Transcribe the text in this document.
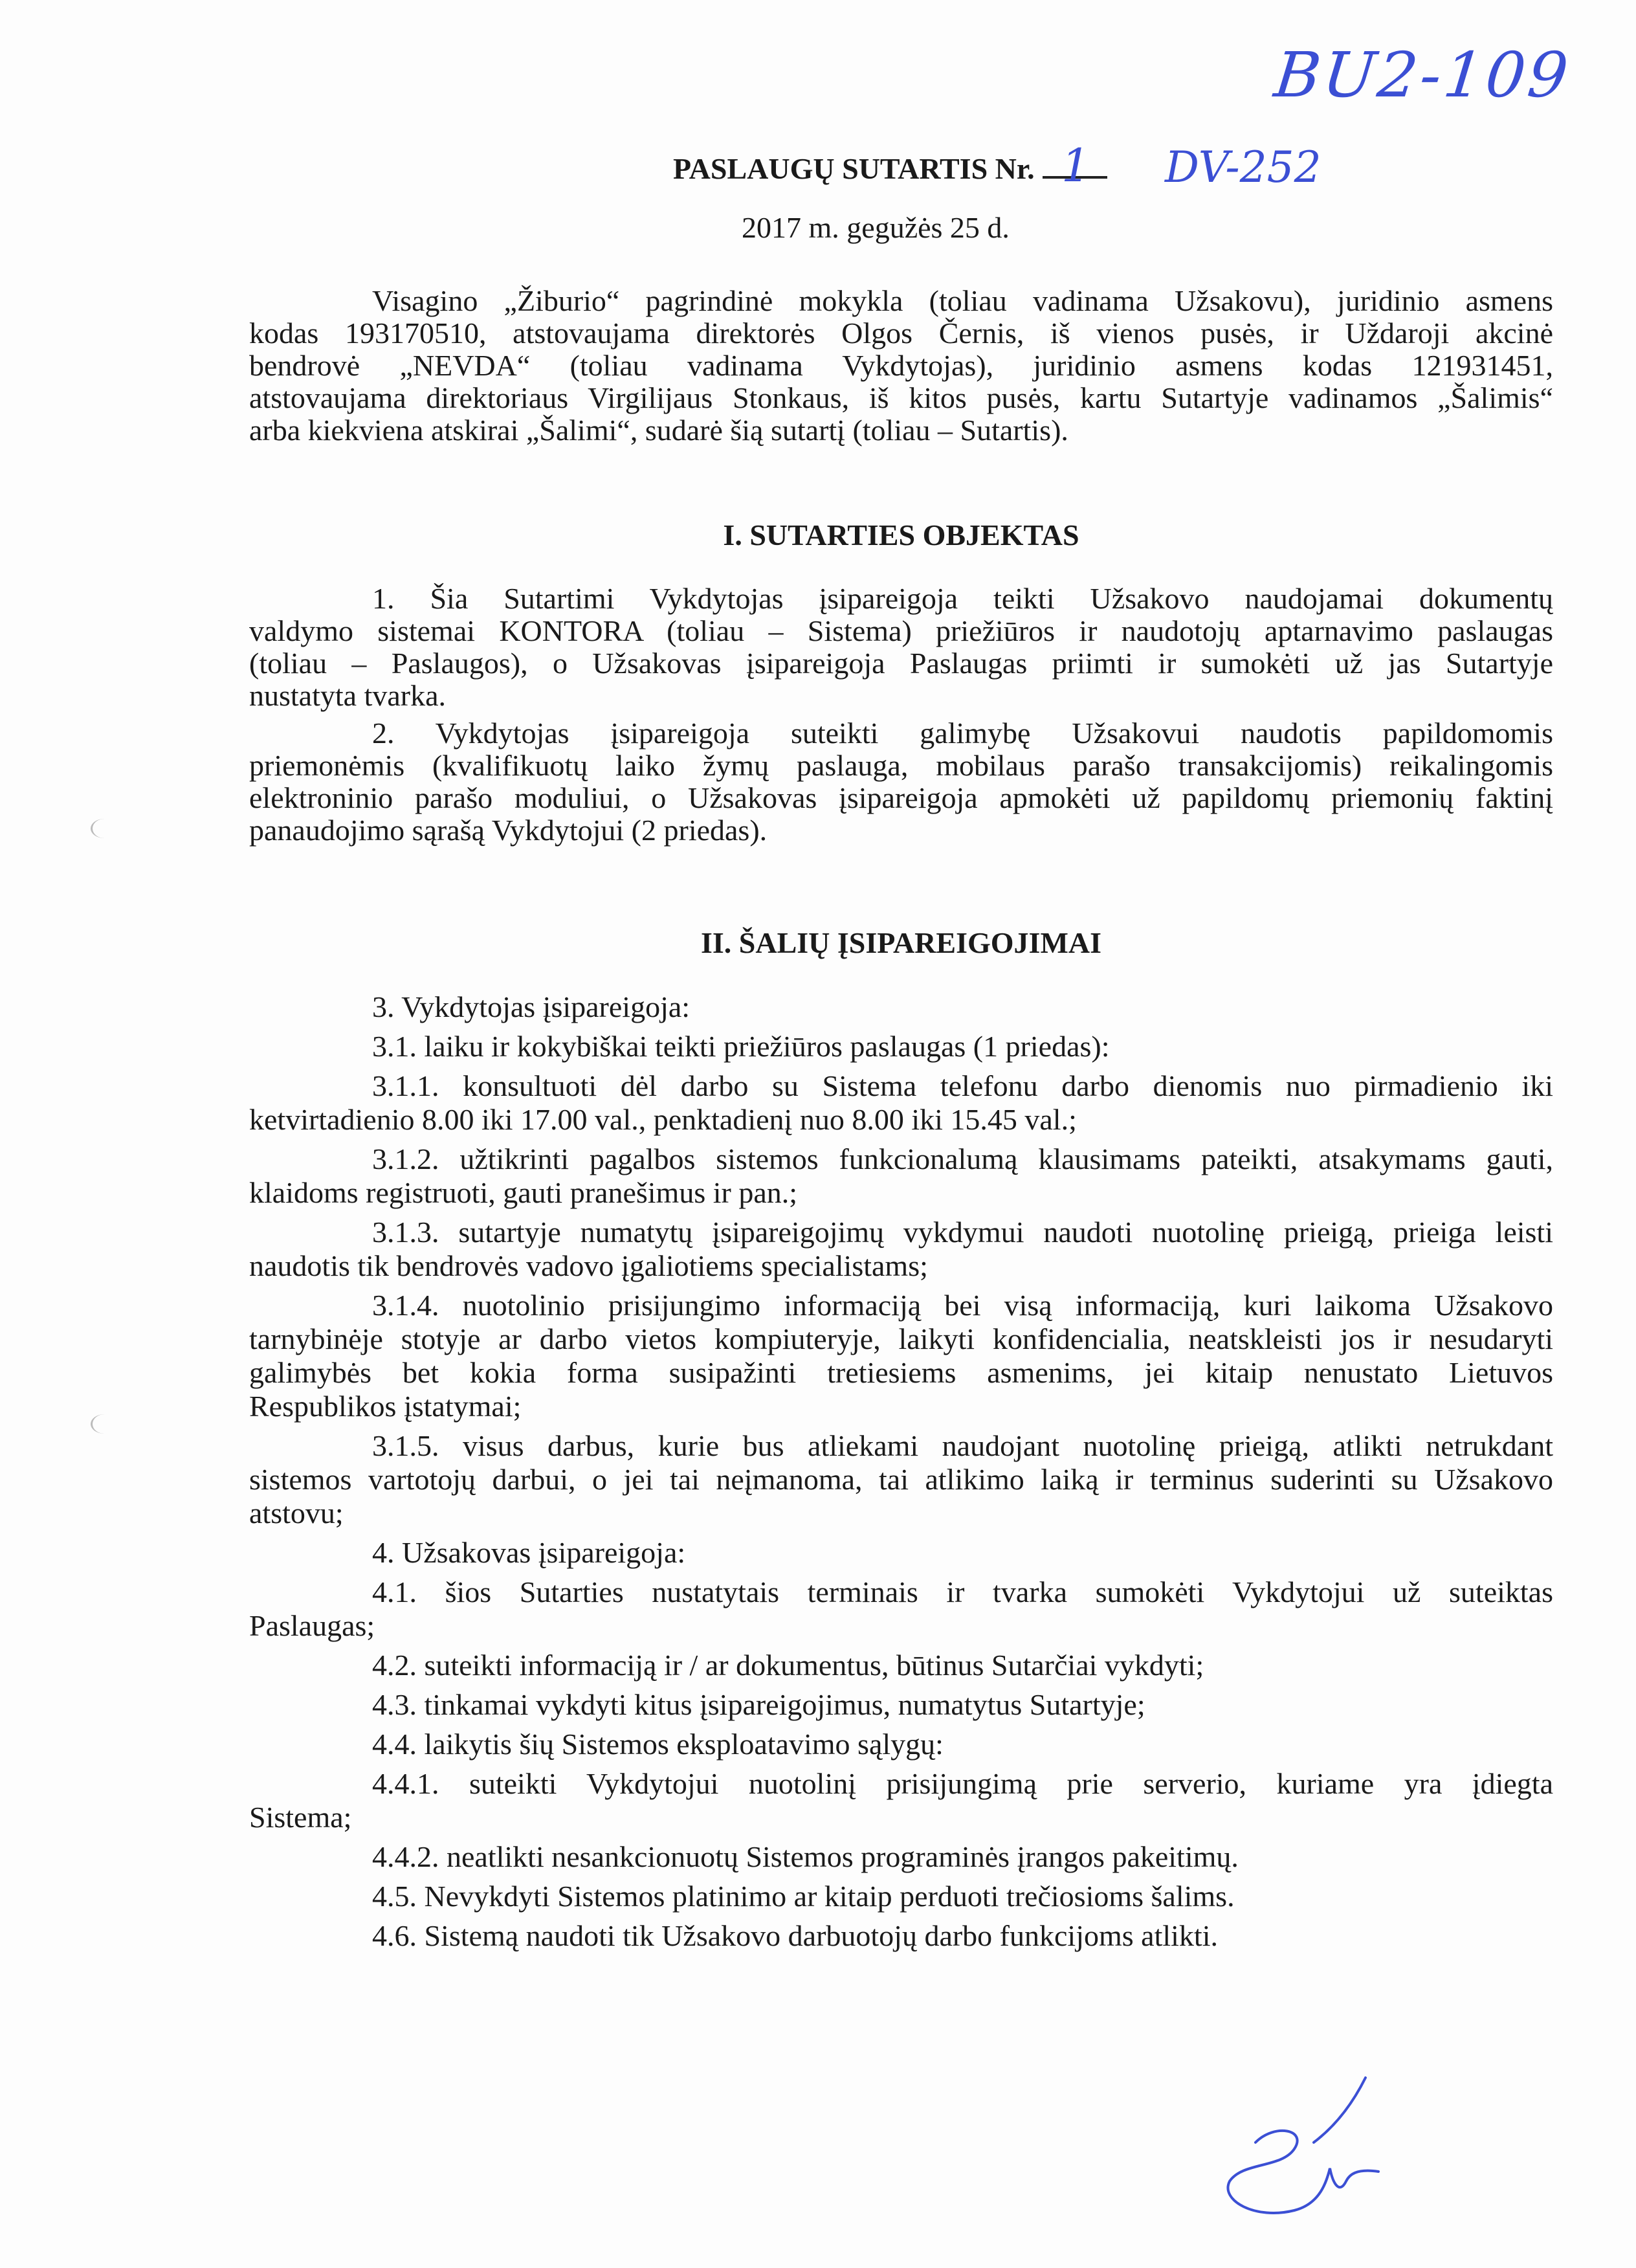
BU2-109
PASLAUGŲ SUTARTIS Nr. 1 DV-252
2017 m. gegužės 25 d.
Visagino „Žiburio“ pagrindinė mokykla (toliau vadinama Užsakovu), juridinio asmens
kodas 193170510, atstovaujama direktorės Olgos Černis, iš vienos pusės, ir Uždaroji akcinė
bendrovė „NEVDA“ (toliau vadinama Vykdytojas), juridinio asmens kodas 121931451,
atstovaujama direktoriaus Virgilijaus Stonkaus, iš kitos pusės, kartu Sutartyje vadinamos „Šalimis“
arba kiekviena atskirai „Šalimi“, sudarė šią sutartį (toliau – Sutartis).
I. SUTARTIES OBJEKTAS
1. Šia Sutartimi Vykdytojas įsipareigoja teikti Užsakovo naudojamai dokumentų
valdymo sistemai KONTORA (toliau – Sistema) priežiūros ir naudotojų aptarnavimo paslaugas
(toliau – Paslaugos), o Užsakovas įsipareigoja Paslaugas priimti ir sumokėti už jas Sutartyje
nustatyta tvarka.
2. Vykdytojas įsipareigoja suteikti galimybę Užsakovui naudotis papildomomis
priemonėmis (kvalifikuotų laiko žymų paslauga, mobilaus parašo transakcijomis) reikalingomis
elektroninio parašo moduliui, o Užsakovas įsipareigoja apmokėti už papildomų priemonių faktinį
panaudojimo sąrašą Vykdytojui (2 priedas).
II. ŠALIŲ ĮSIPAREIGOJIMAI
3. Vykdytojas įsipareigoja:
3.1. laiku ir kokybiškai teikti priežiūros paslaugas (1 priedas):
3.1.1. konsultuoti dėl darbo su Sistema telefonu darbo dienomis nuo pirmadienio iki
ketvirtadienio 8.00 iki 17.00 val., penktadienį nuo 8.00 iki 15.45 val.;
3.1.2. užtikrinti pagalbos sistemos funkcionalumą klausimams pateikti, atsakymams gauti,
klaidoms registruoti, gauti pranešimus ir pan.;
3.1.3. sutartyje numatytų įsipareigojimų vykdymui naudoti nuotolinę prieigą, prieiga leisti
naudotis tik bendrovės vadovo įgaliotiems specialistams;
3.1.4. nuotolinio prisijungimo informaciją bei visą informaciją, kuri laikoma Užsakovo
tarnybinėje stotyje ar darbo vietos kompiuteryje, laikyti konfidencialia, neatskleisti jos ir nesudaryti
galimybės bet kokia forma susipažinti tretiesiems asmenims, jei kitaip nenustato Lietuvos
Respublikos įstatymai;
3.1.5. visus darbus, kurie bus atliekami naudojant nuotolinę prieigą, atlikti netrukdant
sistemos vartotojų darbui, o jei tai neįmanoma, tai atlikimo laiką ir terminus suderinti su Užsakovo
atstovu;
4. Užsakovas įsipareigoja:
4.1. šios Sutarties nustatytais terminais ir tvarka sumokėti Vykdytojui už suteiktas
Paslaugas;
4.2. suteikti informaciją ir / ar dokumentus, būtinus Sutarčiai vykdyti;
4.3. tinkamai vykdyti kitus įsipareigojimus, numatytus Sutartyje;
4.4. laikytis šių Sistemos eksploatavimo sąlygų:
4.4.1. suteikti Vykdytojui nuotolinį prisijungimą prie serverio, kuriame yra įdiegta
Sistema;
4.4.2. neatlikti nesankcionuotų Sistemos programinės įrangos pakeitimų.
4.5. Nevykdyti Sistemos platinimo ar kitaip perduoti trečiosioms šalims.
4.6. Sistemą naudoti tik Užsakovo darbuotojų darbo funkcijoms atlikti.
